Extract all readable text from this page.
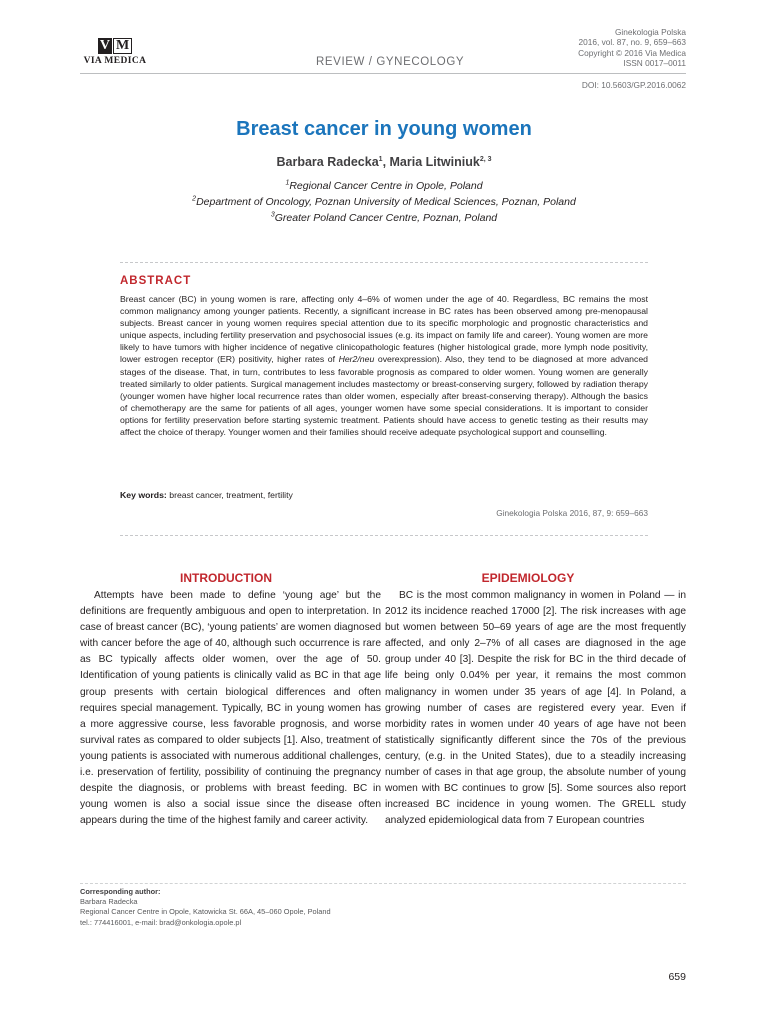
V M
VIA MEDICA	REVIEW / GYNECOLOGY
Ginekologia Polska
2016, vol. 87, no. 9, 659–663
Copyright © 2016 Via Medica
ISSN 0017–0011
DOI: 10.5603/GP.2016.0062
Breast cancer in young women
Barbara Radecka$^1$, Maria Litwiniuk$^{2, 3}$
$^1$Regional Cancer Centre in Opole, Poland
$^2$Department of Oncology, Poznan University of Medical Sciences, Poznan, Poland
$^3$Greater Poland Cancer Centre, Poznan, Poland
ABSTRACT

Breast cancer (BC) in young women is rare, affecting only 4–6% of women under the age of 40. Regardless, BC remains the most common malignancy among younger patients. Recently, a significant increase in BC rates has been observed among pre-menopausal subjects. Breast cancer in young women requires special attention due to its specific morphologic and prognostic characteristics and unique aspects, including fertility preservation and psychosocial issues (e.g. its impact on family life and career). Young women are more likely to have tumors with higher incidence of negative clinicopathologic features (higher histological grade, more lymph node positivity, lower estrogen receptor (ER) positivity, higher rates of Her2/neu overexpression). Also, they tend to be diagnosed at more advanced stages of the disease. That, in turn, contributes to less favorable prognosis as compared to older women. Young women are generally treated similarly to older patients. Surgical management includes mastectomy or breast-conserving surgery, followed by radiation therapy (younger women have higher local recurrence rates than older women, especially after breast-conserving therapy). Although the basics of chemotherapy are the same for patients of all ages, younger women have some special considerations. It is important to consider options for fertility preservation before starting systemic treatment. Patients should have access to genetic testing as their results may affect the choice of therapy. Younger women and their families should receive adequate psychological support and counselling.

Key words: breast cancer, treatment, fertility
Ginekologia Polska 2016, 87, 9: 659–663
INTRODUCTION

Attempts have been made to define ‘young age’ but the definitions are frequently ambiguous and open to interpretation. In case of breast cancer (BC), ‘young patients’ are women diagnosed with cancer before the age of 40, although such occurrence is rare as BC typically affects older women, over the age of 50. Identification of young patients is clinically valid as BC in that age group presents with certain biological differences and often requires special management. Typically, BC in young women has a more aggressive course, less favorable prognosis, and worse survival rates as compared to older subjects [1]. Also, treatment of young patients is associated with numerous additional challenges, i.e. preservation of fertility, possibility of continuing the pregnancy despite the diagnosis, or problems with breast feeding. BC in young women is also a social issue since the disease often appears during the time of the highest family and career activity.

EPIDEMIOLOGY

BC is the most common malignancy in women in Poland — in 2012 its incidence reached 17000 [2]. The risk increases with age but women between 50–69 years of age are the most frequently affected, and only 2–7% of all cases are diagnosed in the age group under 40 [3]. Despite the risk for BC in the third decade of life being only 0.04% per year, it remains the most common malignancy in women under 35 years of age [4]. In Poland, a growing number of cases are registered every year. Even if morbidity rates in women under 40 years of age have not been statistically significantly different since the 70s of the previous century, (e.g. in the United States), due to a steadily increasing number of cases in that age group, the absolute number of young women with BC continues to grow [5]. Some sources also report increased BC incidence in young women. The GRELL study analyzed epidemiological data from 7 European countries

Corresponding author:
Barbara Radecka
Regional Cancer Centre in Opole, Katowicka St. 66A, 45–060 Opole, Poland
tel.: 774416001, e-mail: brad@onkologia.opole.pl
659
